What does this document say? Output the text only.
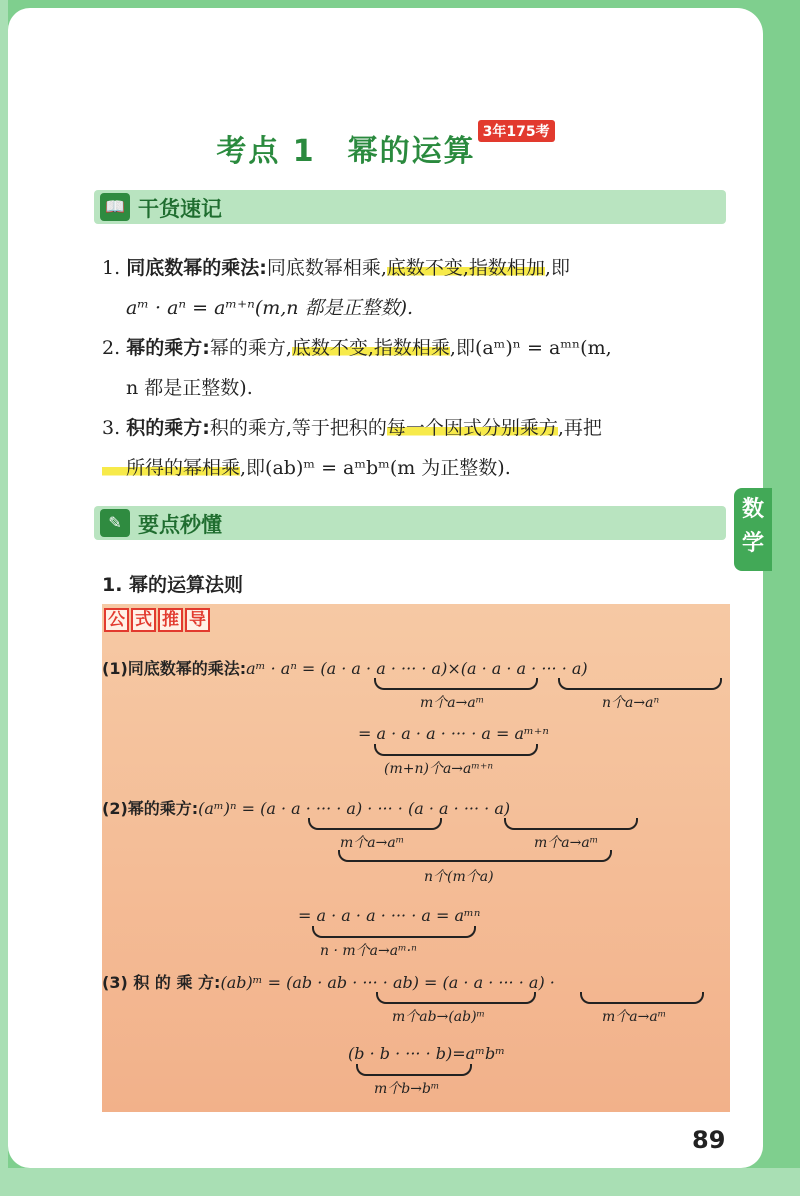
考点 1　幂的运算3年175考
📖 干货速记
1. 同底数幂的乘法:同底数幂相乘,底数不变,指数相加,即
aᵐ · aⁿ = aᵐ⁺ⁿ(m,n 都是正整数).
2. 幂的乘方:幂的乘方,底数不变,指数相乘,即(aᵐ)ⁿ = aᵐⁿ(m,
n 都是正整数).
3. 积的乘方:积的乘方,等于把积的每一个因式分别乘方,再把
所得的幂相乘,即(ab)ᵐ = aᵐbᵐ(m 为正整数).
✎ 要点秒懂
1. 幂的运算法则
公 式 推 导
(1)同底数幂的乘法:aᵐ · aⁿ = (a · a · a · ··· · a)×(a · a · a · ··· · a)
m个a→aᵐ	n个a→aⁿ
= a · a · a · ··· · a = aᵐ⁺ⁿ
(m+n)个a→aᵐ⁺ⁿ
(2)幂的乘方:(aᵐ)ⁿ = (a · a · ··· · a) · ··· · (a · a · ··· · a)
m个a→aᵐ	m个a→aᵐ
n个(m个a)
= a · a · a · ··· · a = aᵐⁿ
n · m个a→aᵐ·ⁿ
(3) 积 的 乘 方:(ab)ᵐ = (ab · ab · ··· · ab) = (a · a · ··· · a) ·
m个ab→(ab)ᵐ	m个a→aᵐ
(b · b · ··· · b)=aᵐbᵐ
m个b→bᵐ
89
数
学
